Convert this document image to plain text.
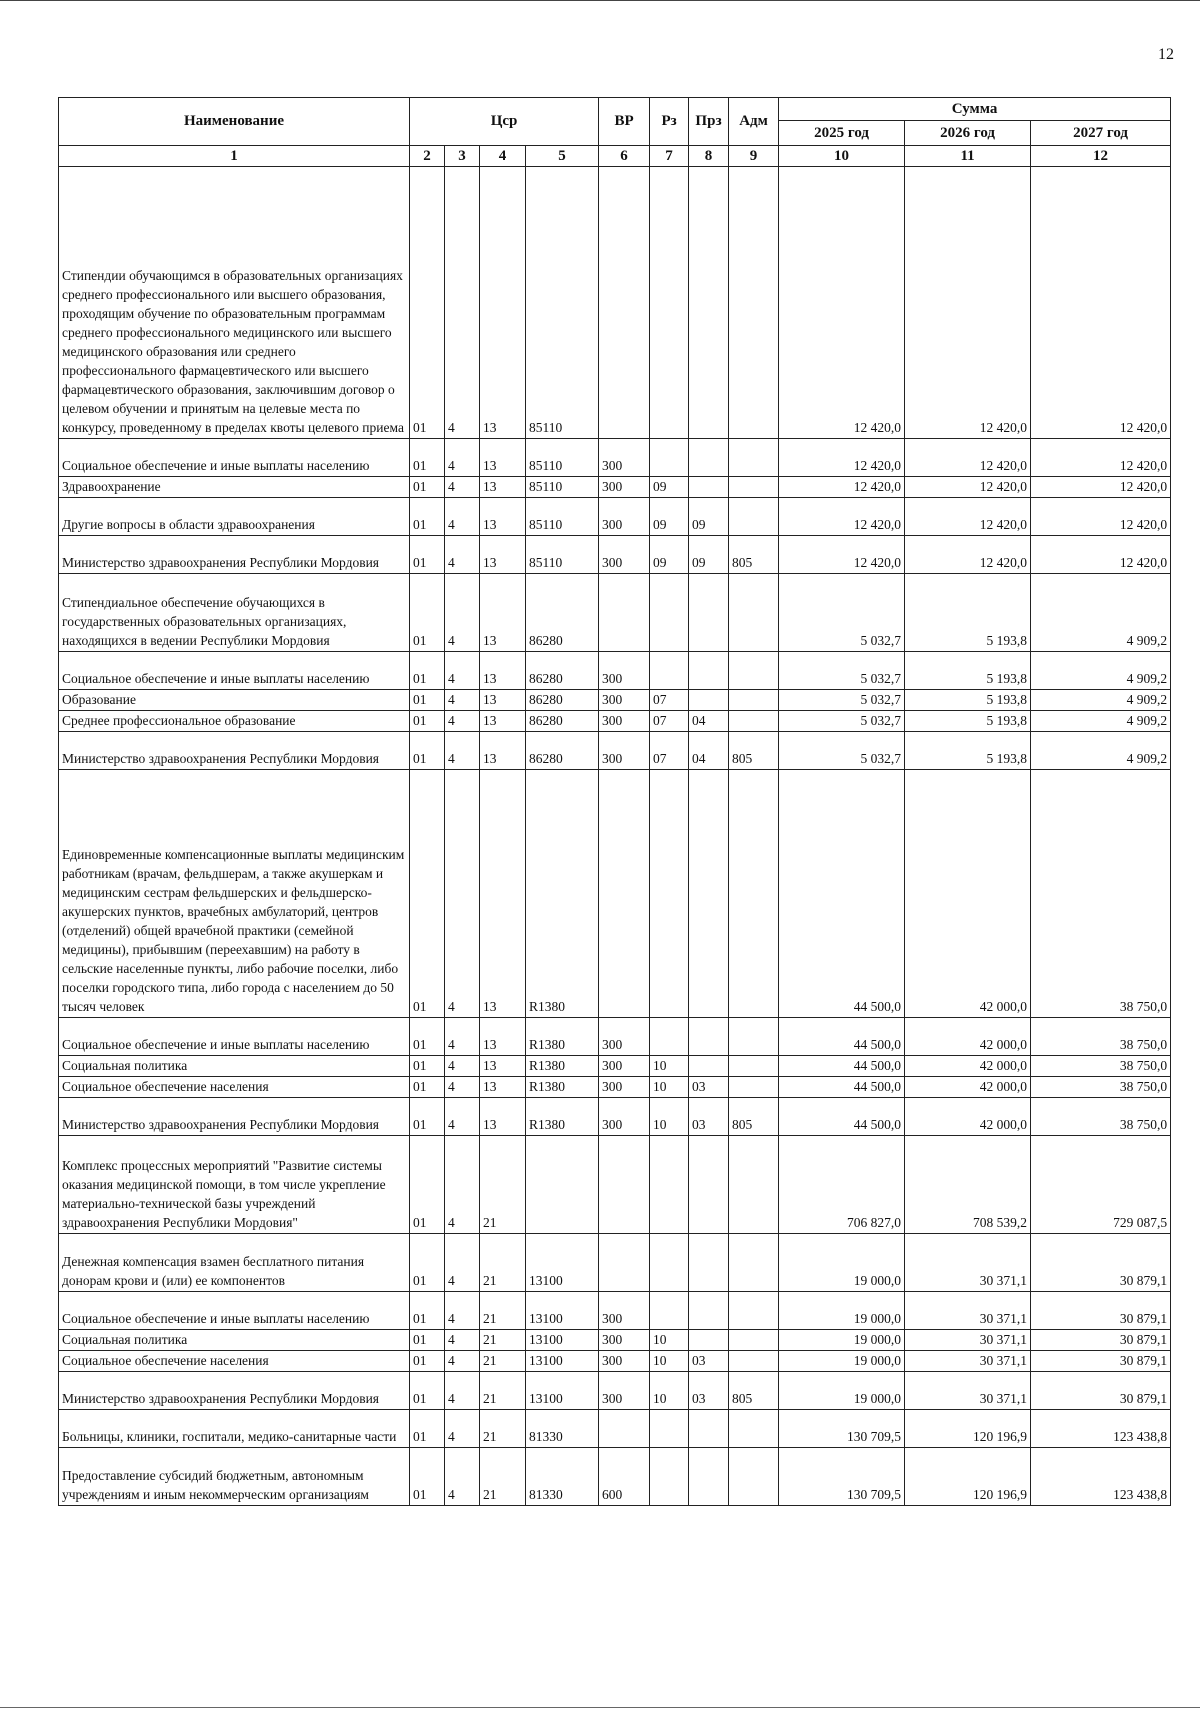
12
Наименование	Цср				ВР	Рз	Прз	Адм	Сумма		
									2025 год	2026 год	2027 год
1	2	3	4	5	6	7	8	9	10	11	12
Стипендии обучающимся в образовательных организациях среднего профессионального или высшего образования, проходящим обучение по образовательным программам среднего профессионального медицинского или высшего медицинского образования или среднего профессионального фармацевтического или высшего фармацевтического образования, заключившим договор о целевом обучении и принятым на целевые места по конкурсу, проведенному в пределах квоты целевого приема	01	4	13	85110					12 420,0	12 420,0	12 420,0
Социальное обеспечение и иные выплаты населению	01	4	13	85110	300				12 420,0	12 420,0	12 420,0
Здравоохранение	01	4	13	85110	300	09			12 420,0	12 420,0	12 420,0
Другие вопросы в области здравоохранения	01	4	13	85110	300	09	09		12 420,0	12 420,0	12 420,0
Министерство здравоохранения Республики Мордовия	01	4	13	85110	300	09	09	805	12 420,0	12 420,0	12 420,0
Стипендиальное обеспечение обучающихся в государственных образовательных организациях, находящихся в ведении Республики Мордовия	01	4	13	86280					5 032,7	5 193,8	4 909,2
Социальное обеспечение и иные выплаты населению	01	4	13	86280	300				5 032,7	5 193,8	4 909,2
Образование	01	4	13	86280	300	07			5 032,7	5 193,8	4 909,2
Среднее профессиональное образование	01	4	13	86280	300	07	04		5 032,7	5 193,8	4 909,2
Министерство здравоохранения Республики Мордовия	01	4	13	86280	300	07	04	805	5 032,7	5 193,8	4 909,2
Единовременные компенсационные выплаты медицинским работникам (врачам, фельдшерам, а также акушеркам и медицинским сестрам фельдшерских и фельдшерско-акушерских пунктов, врачебных амбулаторий, центров (отделений) общей врачебной практики (семейной медицины), прибывшим (переехавшим) на работу в сельские населенные пункты, либо рабочие поселки, либо поселки городского типа, либо города с населением до 50 тысяч человек	01	4	13	R1380					44 500,0	42 000,0	38 750,0
Социальное обеспечение и иные выплаты населению	01	4	13	R1380	300				44 500,0	42 000,0	38 750,0
Социальная политика	01	4	13	R1380	300	10			44 500,0	42 000,0	38 750,0
Социальное обеспечение населения	01	4	13	R1380	300	10	03		44 500,0	42 000,0	38 750,0
Министерство здравоохранения Республики Мордовия	01	4	13	R1380	300	10	03	805	44 500,0	42 000,0	38 750,0
Комплекс процессных мероприятий "Развитие системы оказания медицинской помощи, в том числе укрепление материально-технической базы учреждений здравоохранения Республики Мордовия"	01	4	21						706 827,0	708 539,2	729 087,5
Денежная компенсация взамен бесплатного питания донорам крови и (или) ее компонентов	01	4	21	13100					19 000,0	30 371,1	30 879,1
Социальное обеспечение и иные выплаты населению	01	4	21	13100	300				19 000,0	30 371,1	30 879,1
Социальная политика	01	4	21	13100	300	10			19 000,0	30 371,1	30 879,1
Социальное обеспечение населения	01	4	21	13100	300	10	03		19 000,0	30 371,1	30 879,1
Министерство здравоохранения Республики Мордовия	01	4	21	13100	300	10	03	805	19 000,0	30 371,1	30 879,1
Больницы, клиники, госпитали, медико-санитарные части	01	4	21	81330					130 709,5	120 196,9	123 438,8
Предоставление субсидий бюджетным, автономным учреждениям и иным некоммерческим организациям	01	4	21	81330	600				130 709,5	120 196,9	123 438,8
